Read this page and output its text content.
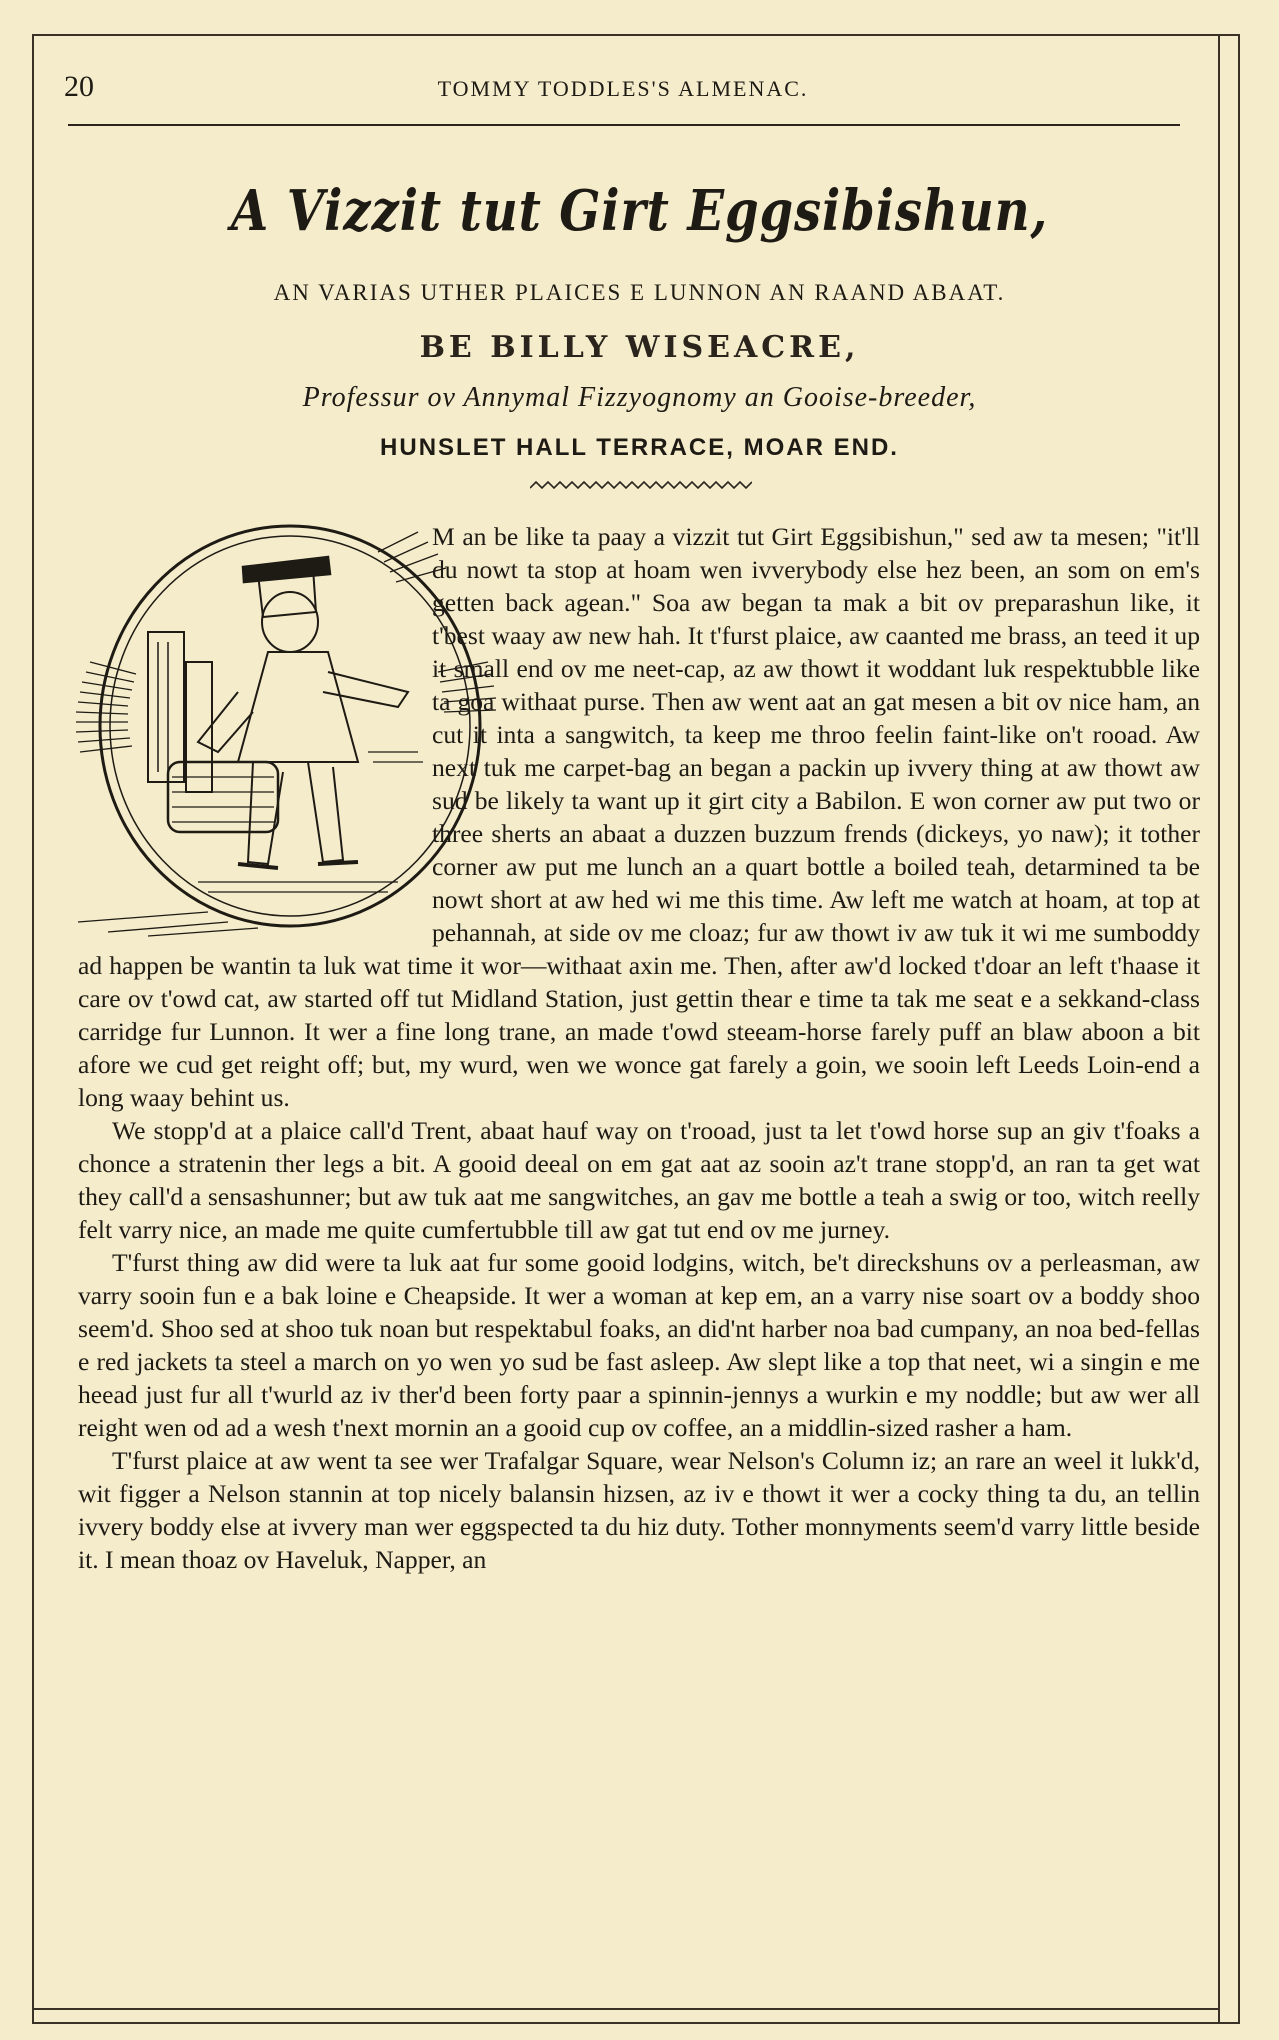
20	TOMMY TODDLES'S ALMENAC.
A Vizzit tut Girt Eggsibishun,
AN VARIAS UTHER PLAICES E LUNNON AN RAAND ABAAT.
BE BILLY WISEACRE,
Professur ov Annymal Fizzyognomy an Gooise-breeder,
HUNSLET HALL TERRACE, MOAR END.

M an be like ta paay a vizzit tut Girt Eggsibishun," sed aw ta mesen; "it'll du nowt ta stop at hoam wen ivverybody else hez been, an som on em's getten back agean." Soa aw began ta mak a bit ov preparashun like, it t'best waay aw new hah. It t'furst plaice, aw caanted me brass, an teed it up it small end ov me neet-cap, az aw thowt it woddant luk respektubble like ta goa withaat purse. Then aw went aat an gat mesen a bit ov nice ham, an cut it inta a sangwitch, ta keep me throo feelin faint-like on't rooad. Aw next tuk me carpet-bag an began a packin up ivvery thing at aw thowt aw sud be likely ta want up it girt city a Babilon. E won corner aw put two or three sherts an abaat a duzzen buzzum frends (dickeys, yo naw); it tother corner aw put me lunch an a quart bottle a boiled teah, detarmined ta be nowt short at aw hed wi me this time. Aw left me watch at hoam, at top at pehannah, at side ov me cloaz; fur aw thowt iv aw tuk it wi me sumboddy ad happen be wantin ta luk wat time it wor—withaat axin me. Then, after aw'd locked t'doar an left t'haase it care ov t'owd cat, aw started off tut Midland Station, just gettin thear e time ta tak me seat e a sekkand-class carridge fur Lunnon. It wer a fine long trane, an made t'owd steeam-horse farely puff an blaw aboon a bit afore we cud get reight off; but, my wurd, wen we wonce gat farely a goin, we sooin left Leeds Loin-end a long waay behint us.

We stopp'd at a plaice call'd Trent, abaat hauf way on t'rooad, just ta let t'owd horse sup an giv t'foaks a chonce a stratenin ther legs a bit. A gooid deeal on em gat aat az sooin az't trane stopp'd, an ran ta get wat they call'd a sensashunner; but aw tuk aat me sangwitches, an gav me bottle a teah a swig or too, witch reelly felt varry nice, an made me quite cumfertubble till aw gat tut end ov me jurney.

T'furst thing aw did were ta luk aat fur some gooid lodgins, witch, be't direckshuns ov a perleasman, aw varry sooin fun e a bak loine e Cheapside. It wer a woman at kep em, an a varry nise soart ov a boddy shoo seem'd. Shoo sed at shoo tuk noan but respektabul foaks, an did'nt harber noa bad cumpany, an noa bed-fellas e red jackets ta steel a march on yo wen yo sud be fast asleep. Aw slept like a top that neet, wi a singin e me heead just fur all t'wurld az iv ther'd been forty paar a spinnin-jennys a wurkin e my noddle; but aw wer all reight wen od ad a wesh t'next mornin an a gooid cup ov coffee, an a middlin-sized rasher a ham.

T'furst plaice at aw went ta see wer Trafalgar Square, wear Nelson's Column iz; an rare an weel it lukk'd, wit figger a Nelson stannin at top nicely balansin hizsen, az iv e thowt it wer a cocky thing ta du, an tellin ivvery boddy else at ivvery man wer eggspected ta du hiz duty. Tother monnyments seem'd varry little beside it. I mean thoaz ov Haveluk, Napper, an
